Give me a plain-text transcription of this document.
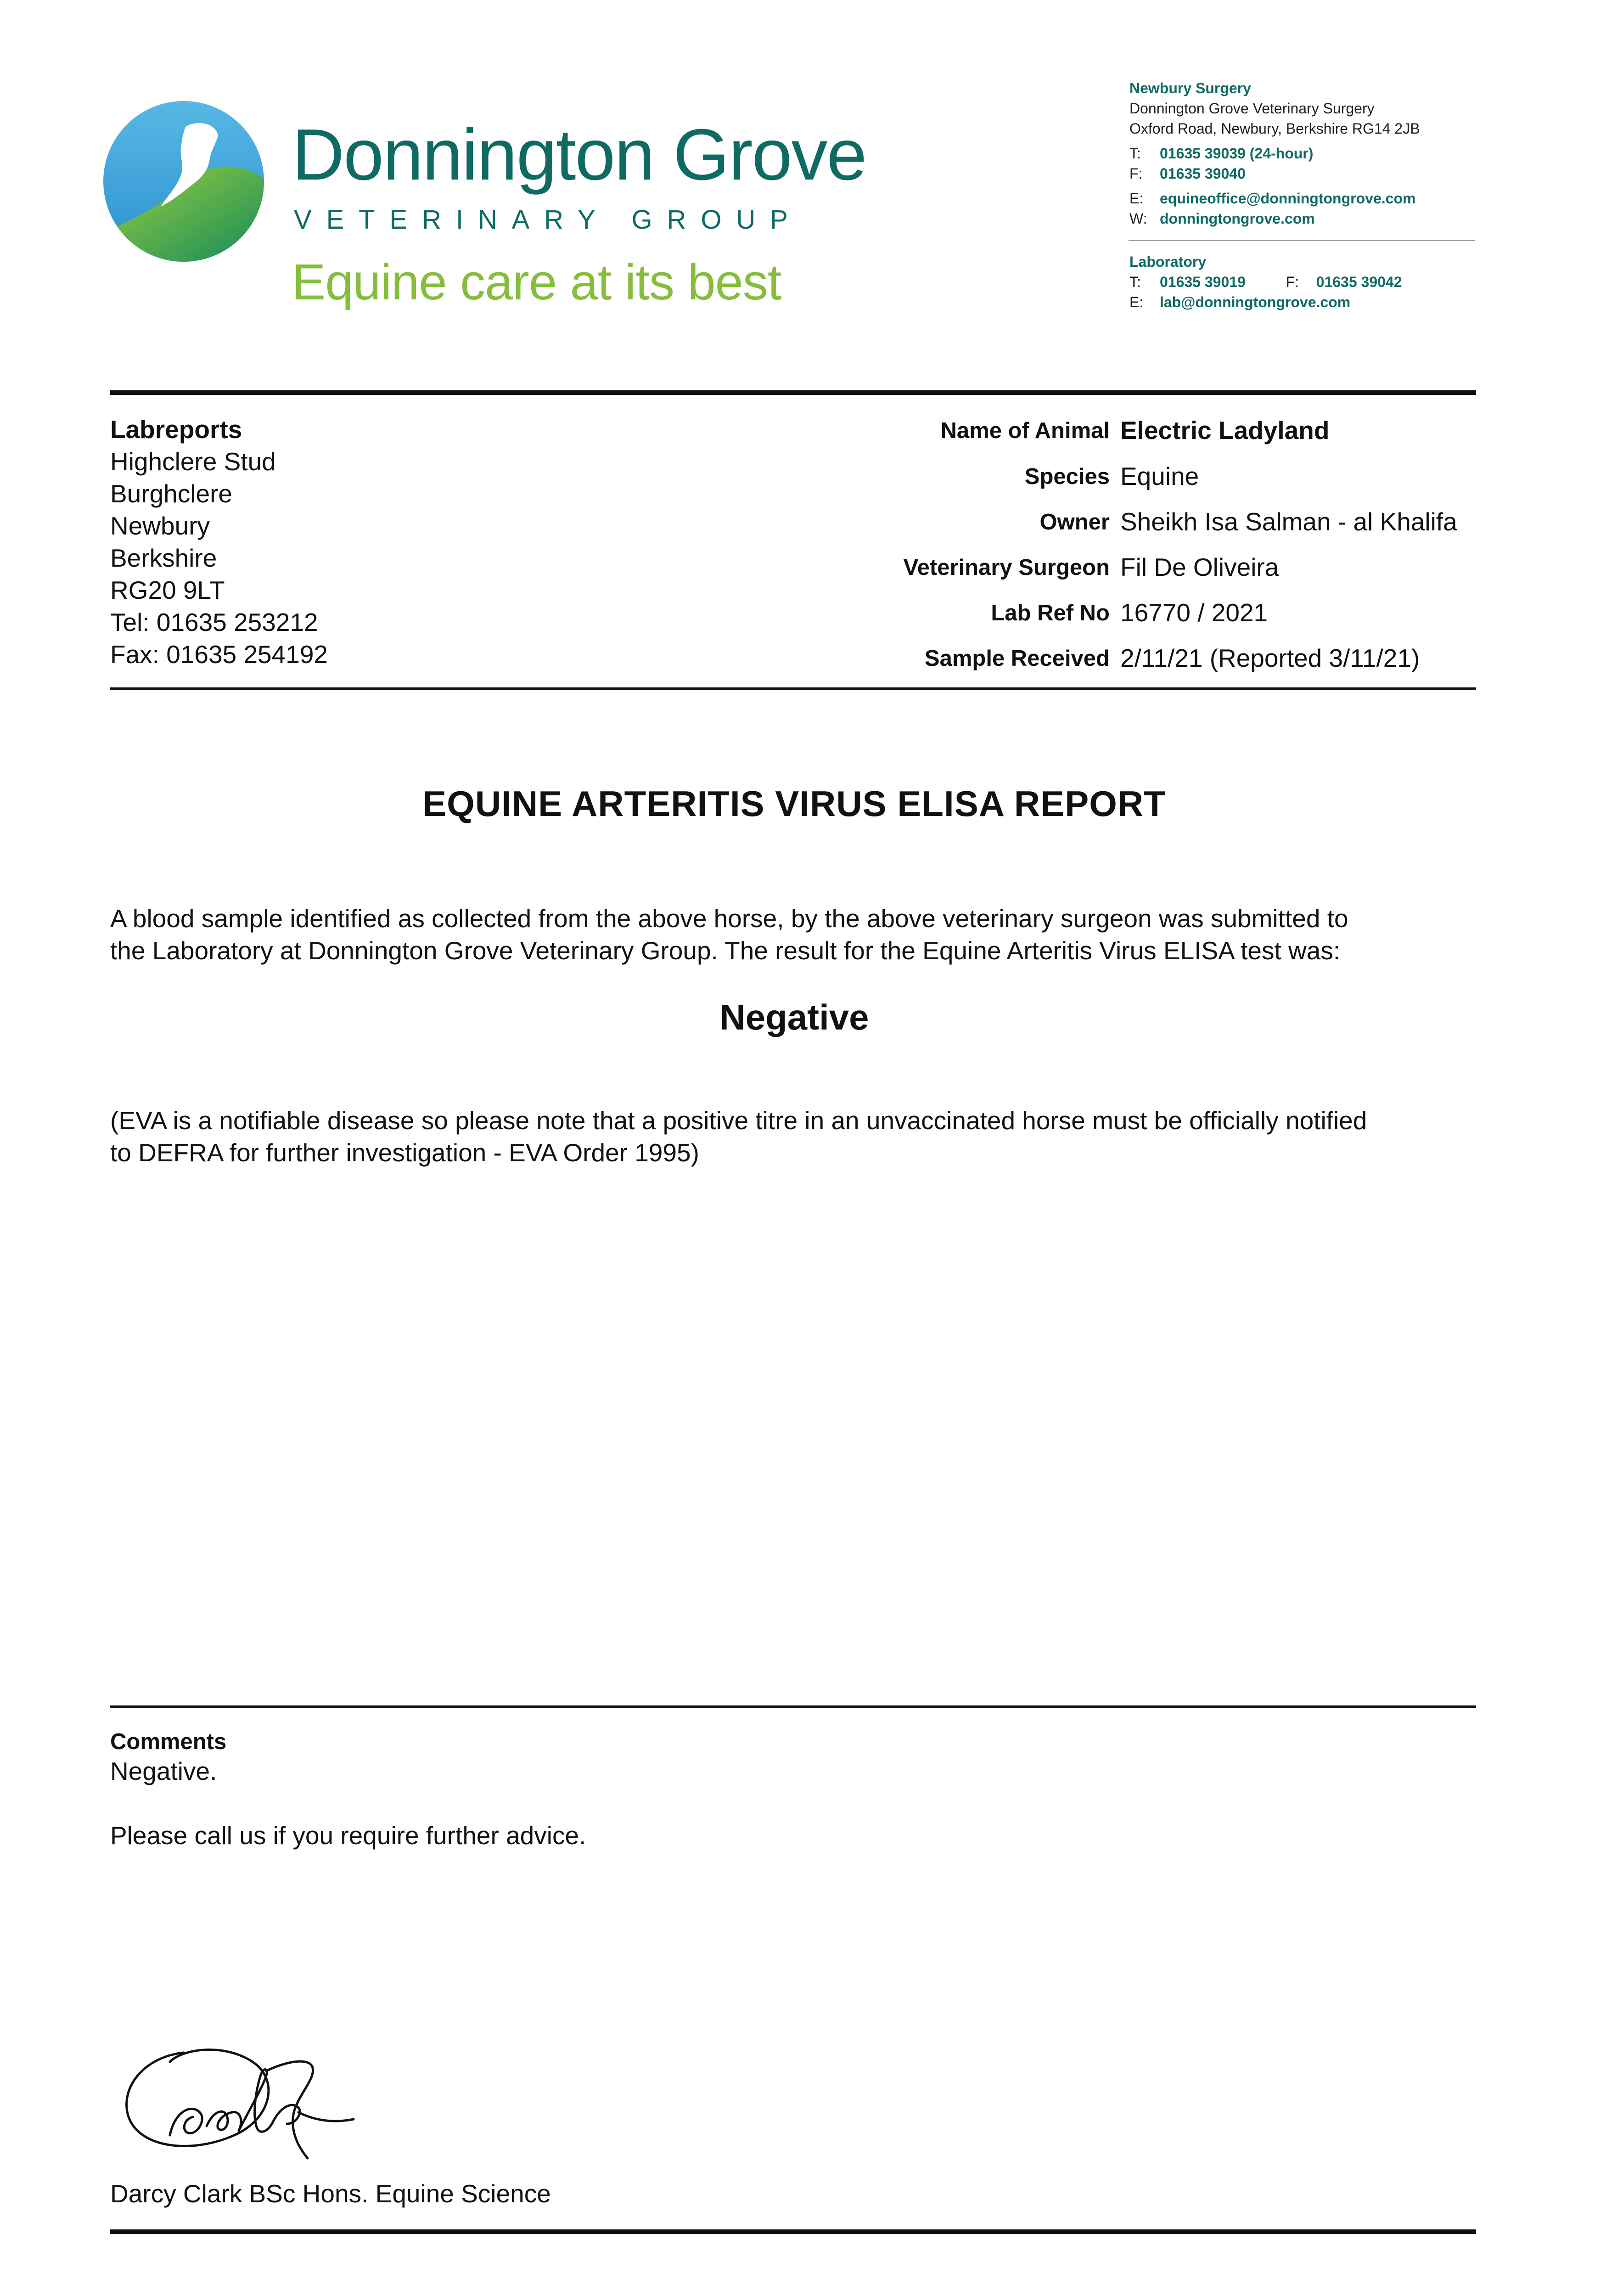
Donnington Grove
VETERINARY GROUP
Equine care at its best
Newbury Surgery
Donnington Grove Veterinary Surgery
Oxford Road, Newbury, Berkshire RG14 2JB
T: 01635 39039 (24-hour)
F: 01635 39040
E: equineoffice@donningtongrove.com
W: donningtongrove.com
Laboratory
T: 01635 39019	F: 01635 39042
E: lab@donningtongrove.com
Labreports
Highclere Stud
Burghclere
Newbury
Berkshire
RG20 9LT
Tel: 01635 253212
Fax: 01635 254192
Name of Animal Electric Ladyland
Species Equine
Owner Sheikh Isa Salman - al Khalifa
Veterinary Surgeon Fil De Oliveira
Lab Ref No 16770 / 2021
Sample Received 2/11/21 (Reported 3/11/21)
EQUINE ARTERITIS VIRUS ELISA REPORT
A blood sample identified as collected from the above horse, by the above veterinary surgeon was submitted to
the Laboratory at Donnington Grove Veterinary Group. The result for the Equine Arteritis Virus ELISA test was:
Negative
(EVA is a notifiable disease so please note that a positive titre in an unvaccinated horse must be officially notified
to DEFRA for further investigation - EVA Order 1995)
Comments
Negative.
Please call us if you require further advice.
Darcy Clark BSc Hons. Equine Science
